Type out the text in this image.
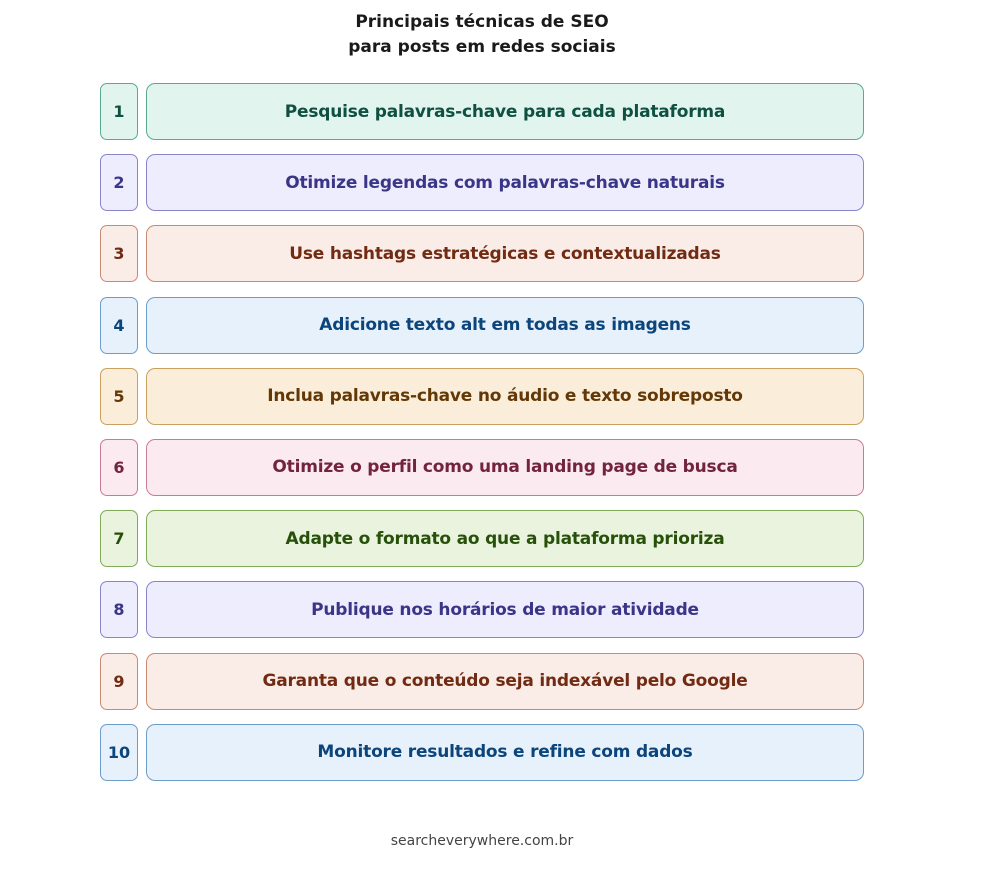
Principais técnicas de SEO
para posts em redes sociais
1	Pesquise palavras-chave para cada plataforma
2	Otimize legendas com palavras-chave naturais
3	Use hashtags estratégicas e contextualizadas
4	Adicione texto alt em todas as imagens
5	Inclua palavras-chave no áudio e texto sobreposto
6	Otimize o perfil como uma landing page de busca
7	Adapte o formato ao que a plataforma prioriza
8	Publique nos horários de maior atividade
9	Garanta que o conteúdo seja indexável pelo Google
10	Monitore resultados e refine com dados
searcheverywhere.com.br
